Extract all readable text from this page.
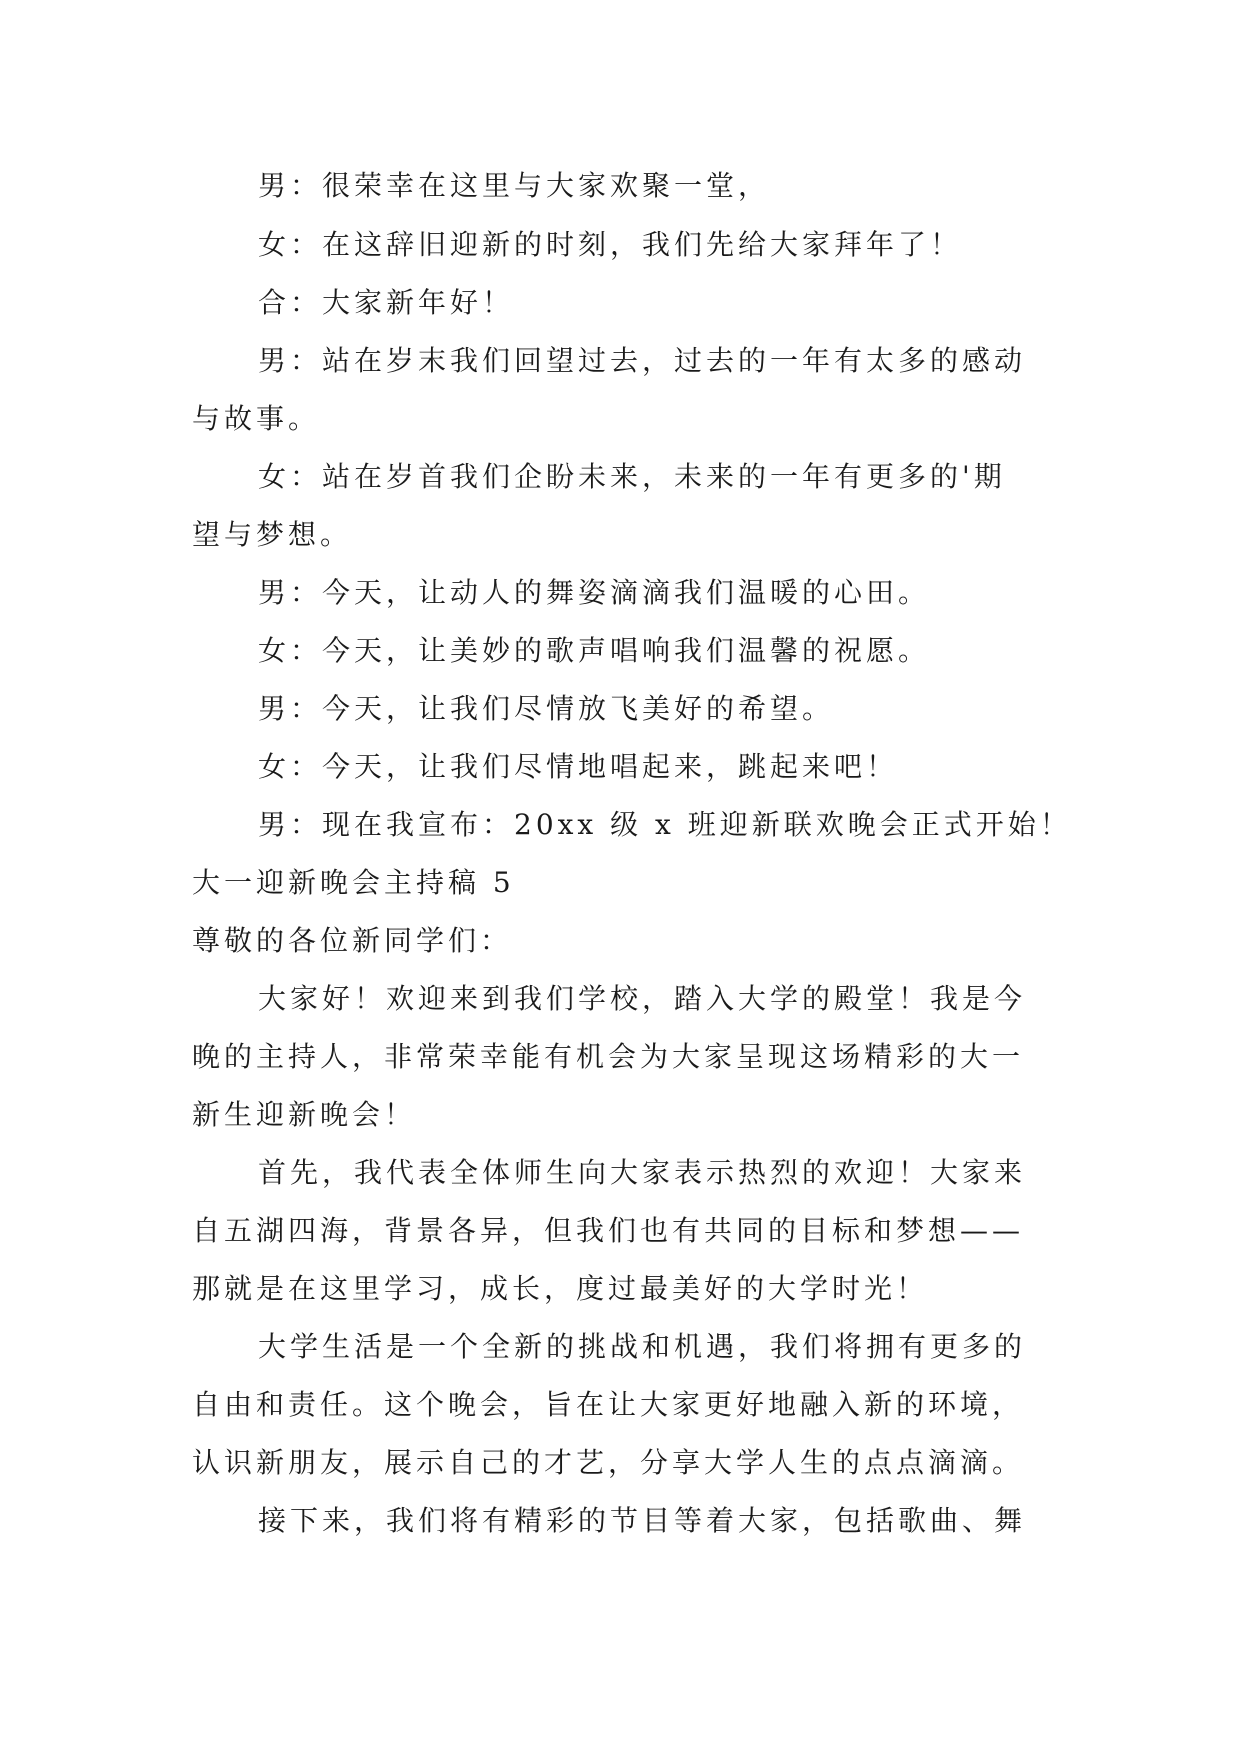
男：很荣幸在这里与大家欢聚一堂，
女：在这辞旧迎新的时刻，我们先给大家拜年了！
合：大家新年好！
男：站在岁末我们回望过去，过去的一年有太多的感动
与故事。
女：站在岁首我们企盼未来，未来的一年有更多的'期
望与梦想。
男：今天，让动人的舞姿滴滴我们温暖的心田。
女：今天，让美妙的歌声唱响我们温馨的祝愿。
男：今天，让我们尽情放飞美好的希望。
女：今天，让我们尽情地唱起来，跳起来吧！
男：现在我宣布：20xx 级 x 班迎新联欢晚会正式开始！
大一迎新晚会主持稿 5
尊敬的各位新同学们：
大家好！欢迎来到我们学校，踏入大学的殿堂！我是今
晚的主持人，非常荣幸能有机会为大家呈现这场精彩的大一
新生迎新晚会！
首先，我代表全体师生向大家表示热烈的欢迎！大家来
自五湖四海，背景各异，但我们也有共同的目标和梦想——
那就是在这里学习，成长，度过最美好的大学时光！
大学生活是一个全新的挑战和机遇，我们将拥有更多的
自由和责任。这个晚会，旨在让大家更好地融入新的环境，
认识新朋友，展示自己的才艺，分享大学人生的点点滴滴。
接下来，我们将有精彩的节目等着大家，包括歌曲、舞
